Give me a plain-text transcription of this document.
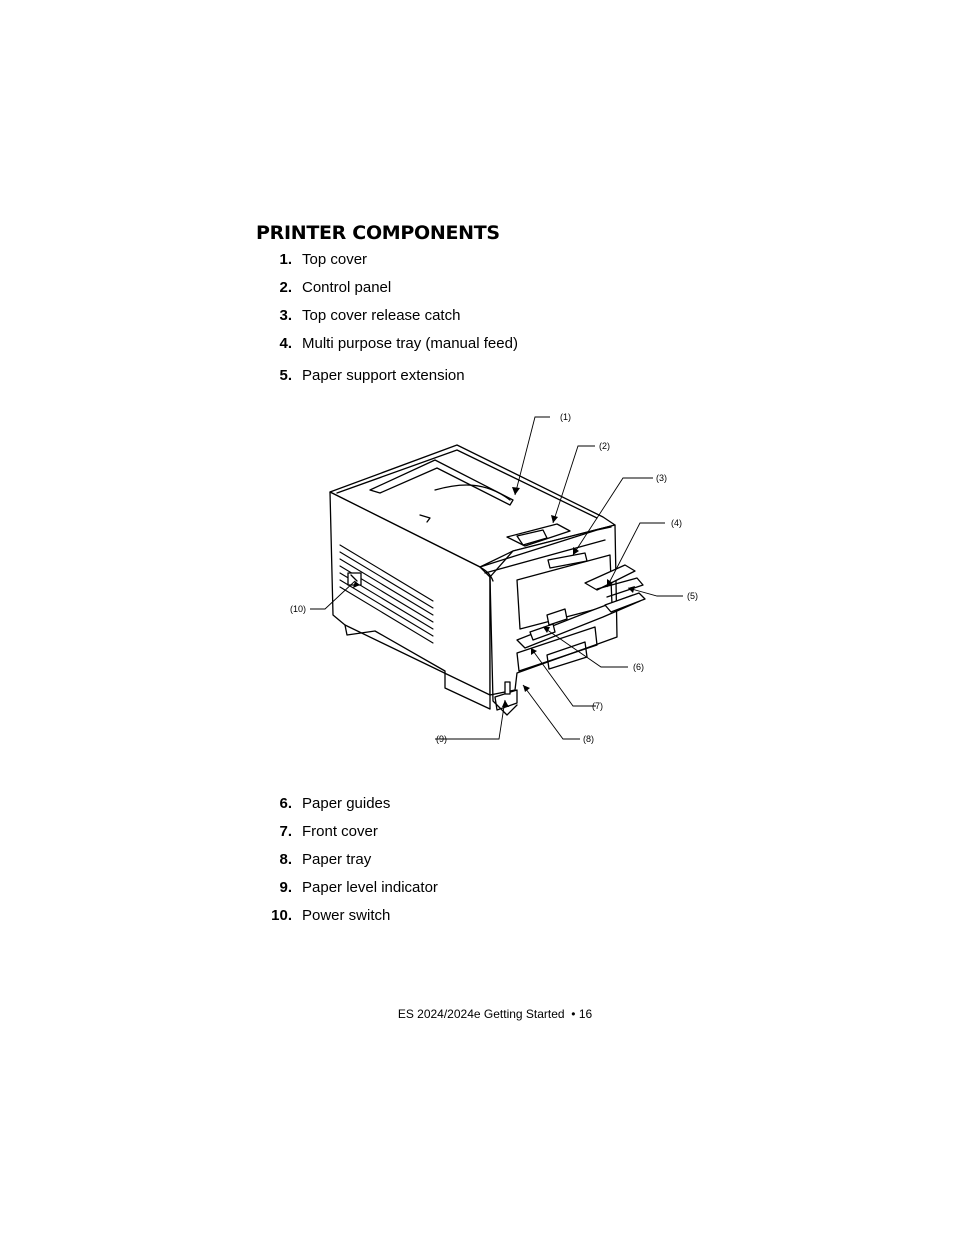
PRINTER COMPONENTS
1. Top cover
2. Control panel
3. Top cover release catch
4. Multi purpose tray (manual feed)
5. Paper support extension
(1)
(2)
(3)
(4)
(5)
(6)
(7)
(8)
(9)
(10)
6. Paper guides
7. Front cover
8. Paper tray
9. Paper level indicator
10. Power switch
ES 2024/2024e Getting Started • 16
